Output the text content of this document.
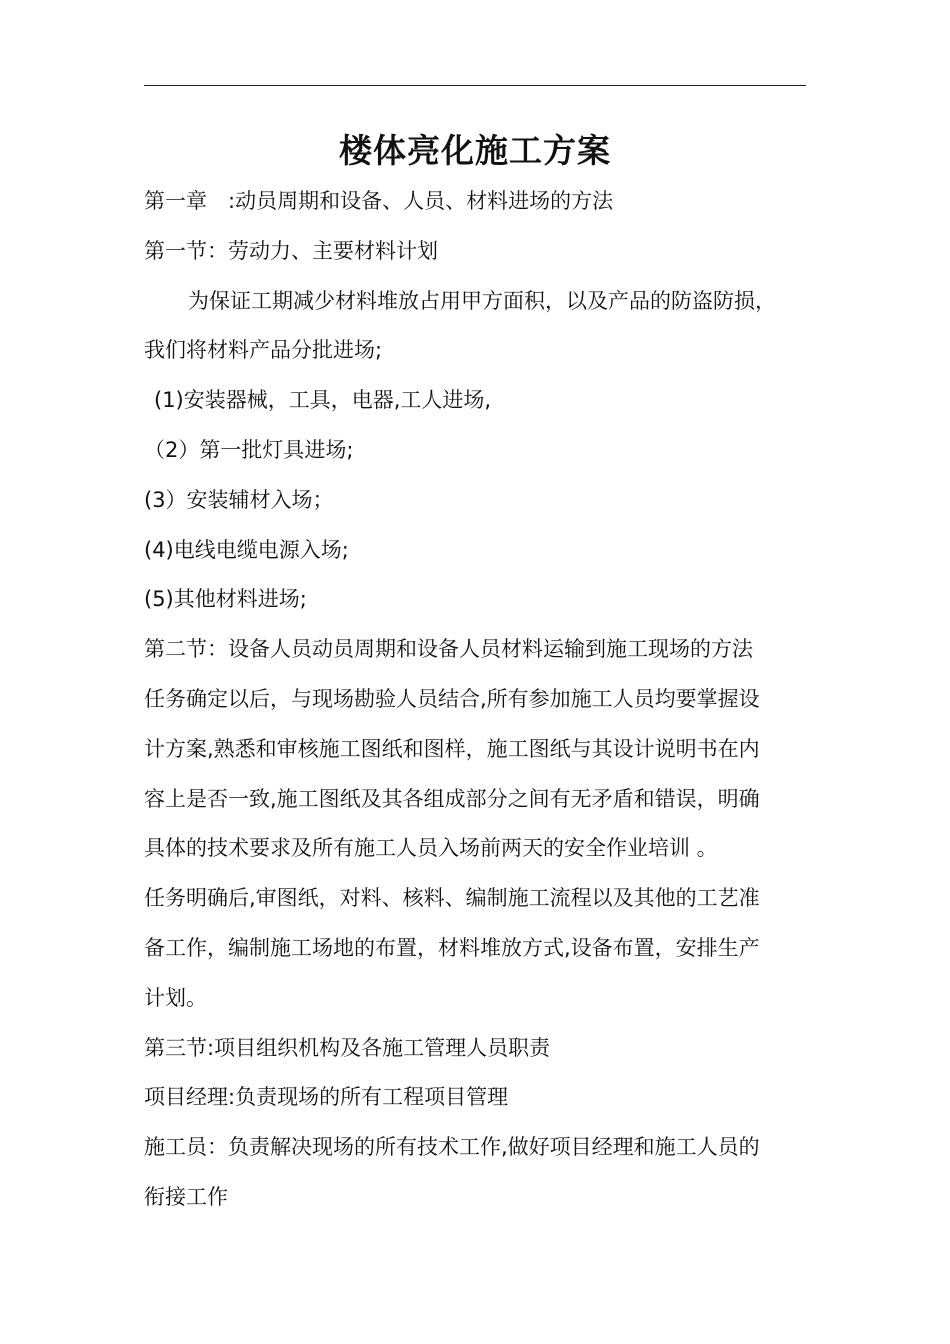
楼体亮化施工方案
第一章　:动员周期和设备、人员、材料进场的方法
第一节：劳动力、主要材料计划
为保证工期减少材料堆放占用甲方面积，以及产品的防盗防损，
我们将材料产品分批进场;
(1)安装器械，工具，电器,工人进场,
（2）第一批灯具进场;
(3）安装辅材入场；
(4)电线电缆电源入场;
(5)其他材料进场;
第二节：设备人员动员周期和设备人员材料运输到施工现场的方法
任务确定以后，与现场勘验人员结合,所有参加施工人员均要掌握设
计方案,熟悉和审核施工图纸和图样，施工图纸与其设计说明书在内
容上是否一致,施工图纸及其各组成部分之间有无矛盾和错误，明确
具体的技术要求及所有施工人员入场前两天的安全作业培训 。
任务明确后,审图纸，对料、核料、编制施工流程以及其他的工艺准
备工作，编制施工场地的布置，材料堆放方式,设备布置，安排生产
计划。
第三节:项目组织机构及各施工管理人员职责
项目经理:负责现场的所有工程项目管理
施工员：负责解决现场的所有技术工作,做好项目经理和施工人员的
衔接工作
